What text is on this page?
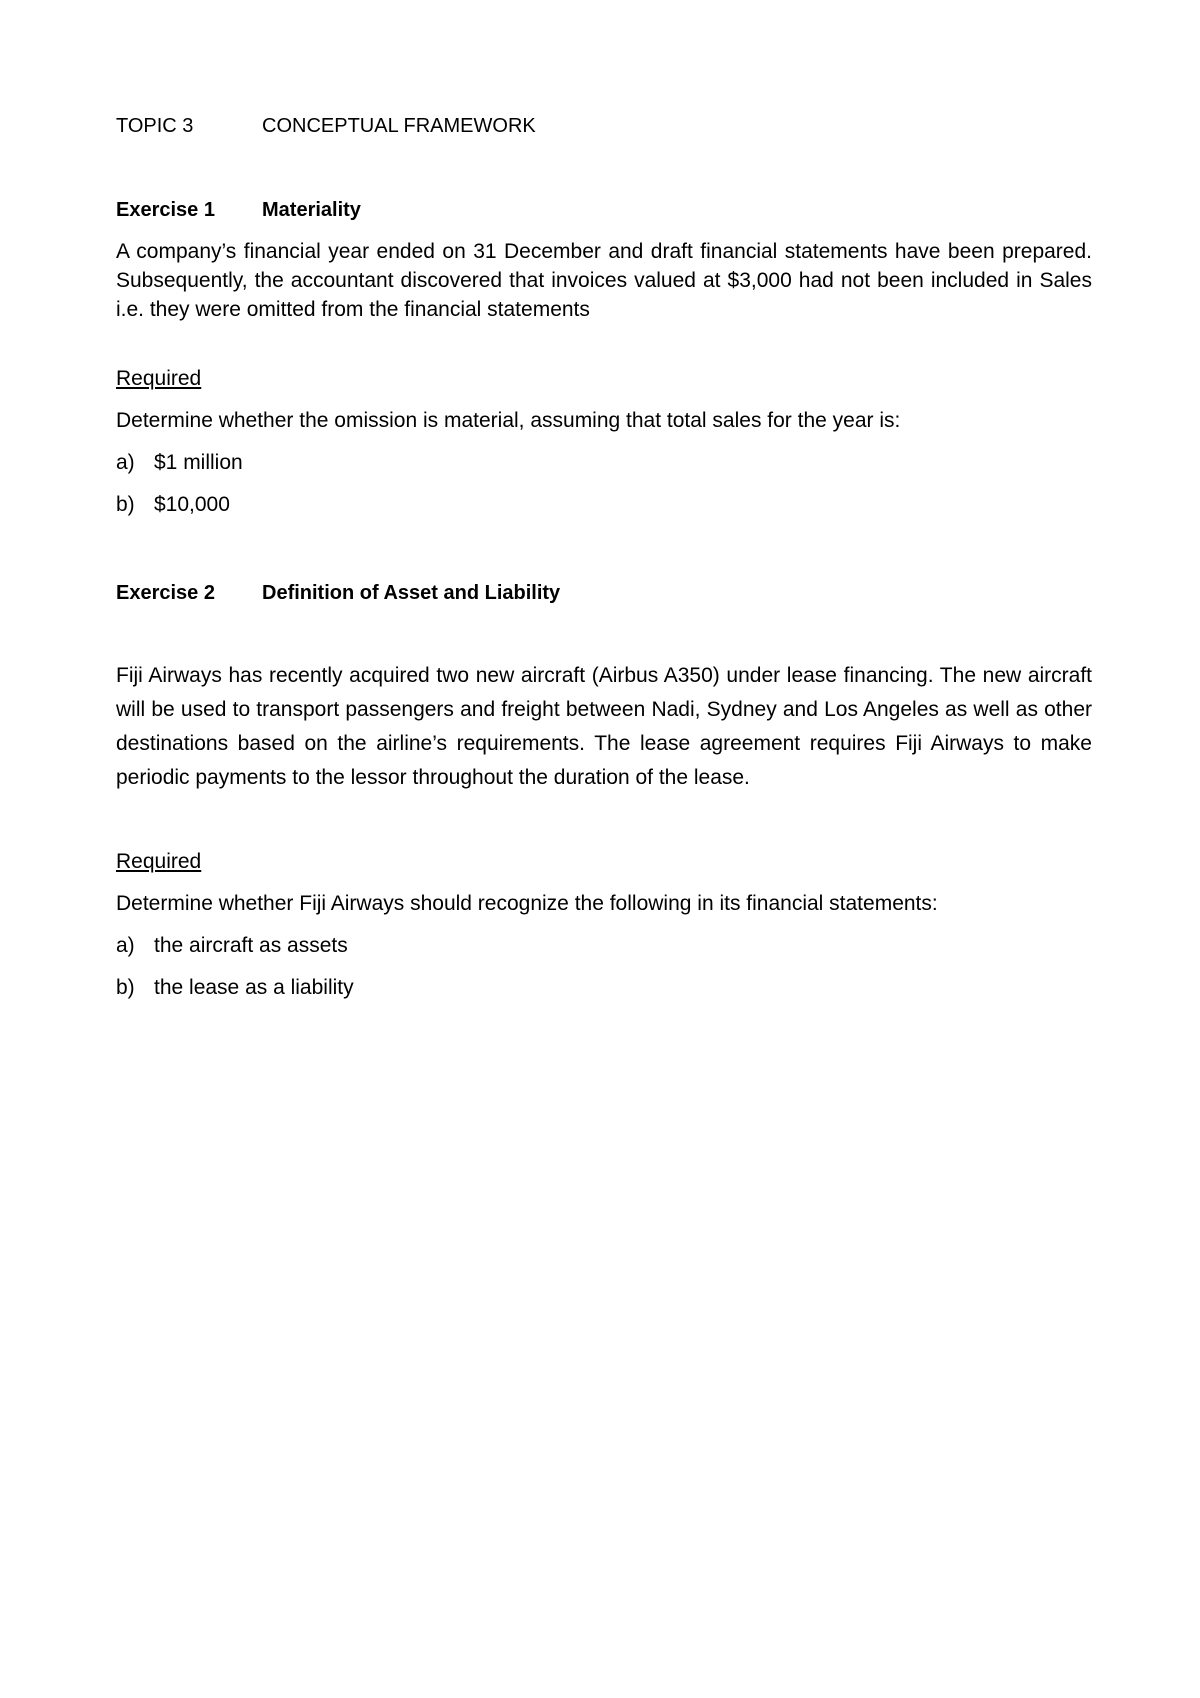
TOPIC 3	CONCEPTUAL FRAMEWORK
Exercise 1	Materiality

A company’s financial year ended on 31 December and draft financial statements have been prepared. Subsequently, the accountant discovered that invoices valued at $3,000 had not been included in Sales i.e. they were omitted from the financial statements

Required

Determine whether the omission is material, assuming that total sales for the year is:

a) $1 million
b) $10,000
Exercise 2	Definition of Asset and Liability

Fiji Airways has recently acquired two new aircraft (Airbus A350) under lease financing. The new aircraft will be used to transport passengers and freight between Nadi, Sydney and Los Angeles as well as other destinations based on the airline’s requirements. The lease agreement requires Fiji Airways to make periodic payments to the lessor throughout the duration of the lease.

Required

Determine whether Fiji Airways should recognize the following in its financial statements:

a) the aircraft as assets
b) the lease as a liability
